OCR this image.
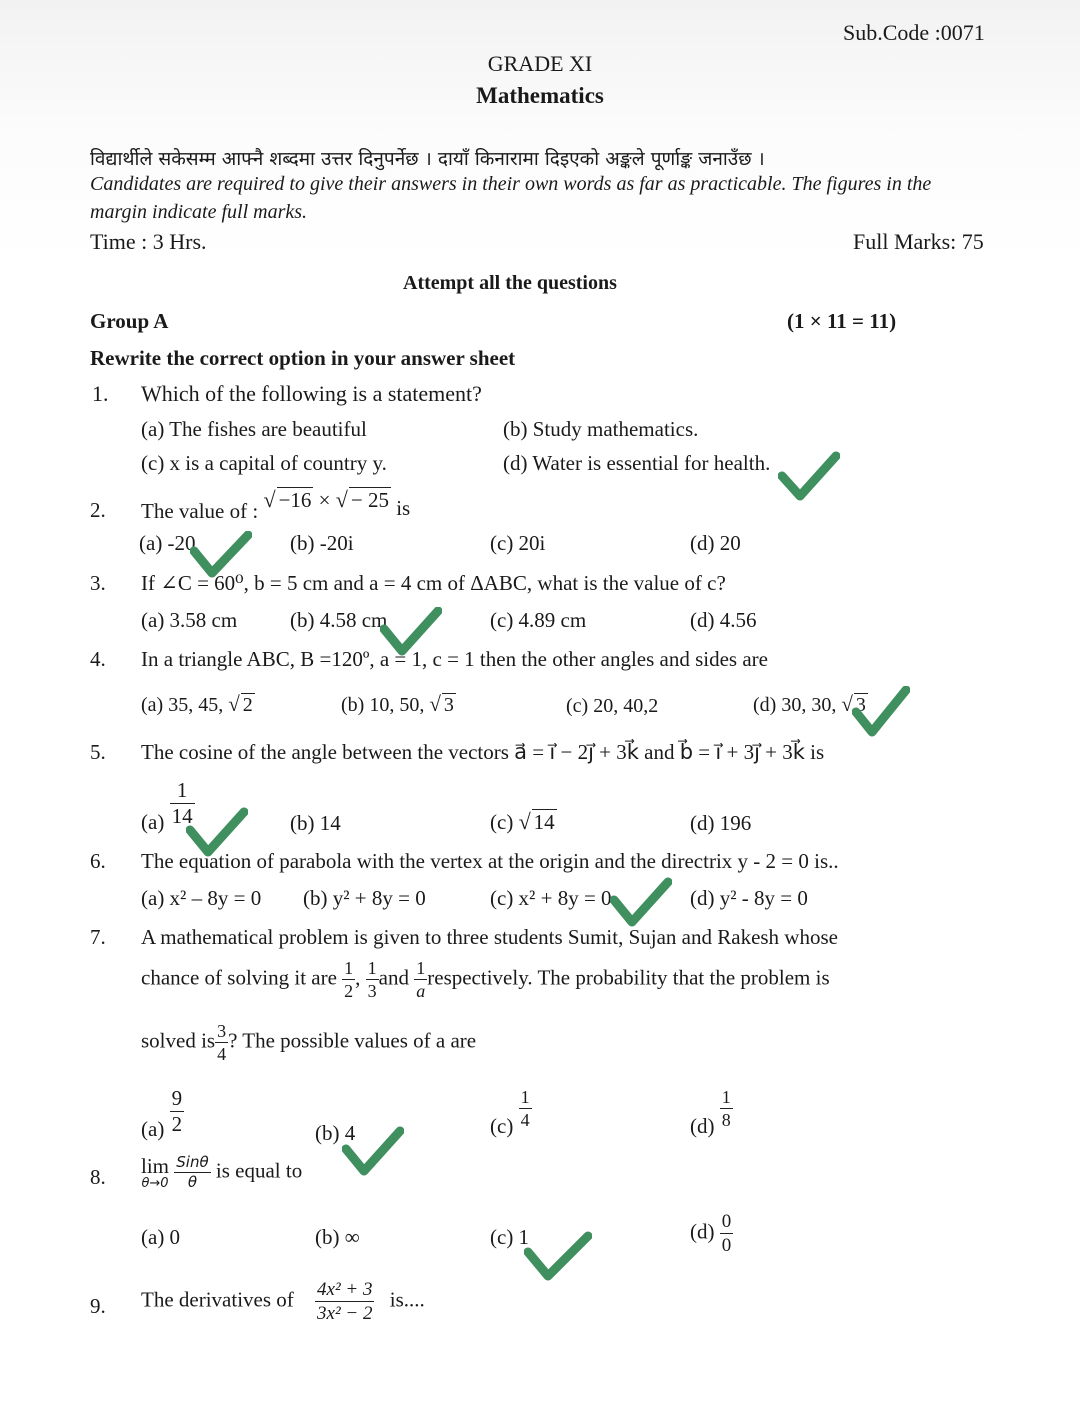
Sub.Code :0071
GRADE XI
Mathematics
विद्यार्थीले सकेसम्म आफ्नै शब्दमा उत्तर दिनुपर्नेछ । दायाँ किनारामा दिइएको अङ्कले पूर्णाङ्क जनाउँछ ।
Candidates are required to give their answers in their own words as far as practicable. The figures in the
margin indicate full marks.
Time : 3 Hrs.	Full Marks: 75
Attempt all the questions
Group A	(1 × 11 = 11)
Rewrite the correct option in your answer sheet
1. Which of the following is a statement?
(a) The fishes are beautiful	(b) Study mathematics.
(c) x is a capital of country y.	(d) Water is essential for health.
2. The value of : √ −16 × √ − 25 is
(a) -20	(b) -20i	(c) 20i	(d) 20
3. If ∠C = 60⁰, b = 5 cm and a = 4 cm of ΔABC, what is the value of c?
(a) 3.58 cm	(b) 4.58 cm	(c) 4.89 cm	(d) 4.56
4. In a triangle ABC, B =120º, a = 1, c = 1 then the other angles and sides are
(a) 35, 45, √ 2	(b) 10, 50, √ 3	(c) 20, 40,2	(d) 30, 30, √ 3
5. The cosine of the angle between the vectors a⃗ = i⃗ − 2j⃗ + 3k⃗ and b⃗ = i⃗ + 3j⃗ + 3k⃗ is
$(a) \frac{1}{14}$	(b) 14	(c) √ 14	(d) 196
6. The equation of parabola with the vertex at the origin and the directrix y - 2 = 0 is..
(a) x² – 8y = 0 (b) y² + 8y = 0	(c) x² + 8y = 0	(d) y² - 8y = 0
7. A mathematical problem is given to three students Sumit, Sujan and Rakesh whose
chance of solving it are $\frac{1}{2}$ , $\frac{1}{3}$ and $\frac{1}{a}$ respectively. The probability that the problem is
solved is $\frac{3}{4}$ ? The possible values of a are
$(a) \frac{9}{2}$	(b) 4	$(c) \frac{1}{4}$	$(d) \frac{1}{8}$
8. lim
θ→0
$\frac{\text{Sinθ}}{\theta}$ is equal to
(a) 0	(b) ∞	(c) 1	$(d) \frac{0}{0}$
9. The derivatives of $\frac{\text{4x² + 3}}{\text{3x² − 2}}$ is....
